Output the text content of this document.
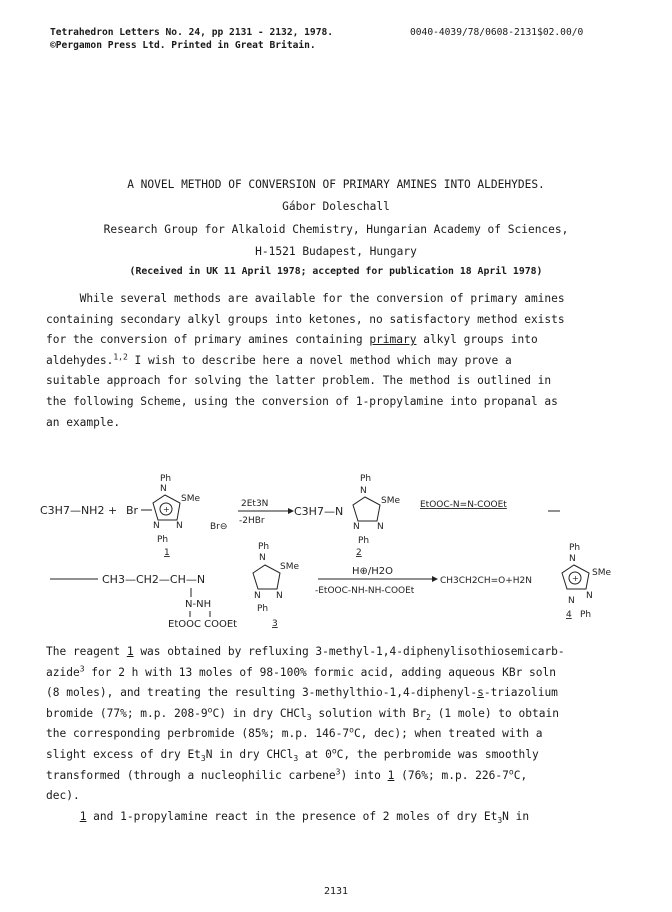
Tetrahedron Letters No. 24, pp 2131 - 2132, 1978.
©Pergamon Press Ltd. Printed in Great Britain.
0040-4039/78/0608-2131$02.00/0
A NOVEL METHOD OF CONVERSION OF PRIMARY AMINES INTO ALDEHYDES.
Gábor Doleschall
Research Group for Alkaloid Chemistry, Hungarian Academy of Sciences,
H-1521 Budapest, Hungary
(Received in UK 11 April 1978; accepted for publication 18 April 1978)
While several methods are available for the conversion of primary amines
containing secondary alkyl groups into ketones, no satisfactory method exists
for the conversion of primary amines containing primary alkyl groups into
aldehydes.$^{1,2}$ I wish to describe here a novel method which may prove a
suitable approach for solving the latter problem. The method is outlined in
the following Scheme, using the conversion of 1-propylamine into propanal as
an example.
C3H7—NH2 + Br	+
N
Ph
SMe
N
N
Ph
1
Br⊖
2Et3N
-2HBr
C3H7—N
N
Ph
SMe
N
N
Ph
2
EtOOC-N=N-COOEt
CH3—CH2—CH—N
N
Ph
SMe
N
N
Ph
N-NH
EtOOC COOEt	3
H⊕/H2O
-EtOOC-NH-NH-COOEt
CH3CH2CH=O+H2N	+
N
Ph
SMe
N
N
Ph
4
The reagent 1 was obtained by refluxing 3-methyl-1,4-diphenylisothiosemicarb-
azide$^3$ for 2 h with 13 moles of 98-100% formic acid, adding aqueous KBr soln
(8 moles), and treating the resulting 3-methylthio-1,4-diphenyl-s-triazolium
bromide (77%; m.p. 208-9$^o$C) in dry CHCl$_3$ solution with $Br_2$ (1 mole) to obtain
the corresponding perbromide (85%; m.p. 146-7$^o$C, dec); when treated with a
slight excess of dry $Et_3N$ in dry CHCl$_3$ at 0$^o$C, the perbromide was smoothly
transformed (through a nucleophilic carbene$^3$) into 1 (76%; m.p. 226-7$^o$C,
dec).
1 and 1-propylamine react in the presence of 2 moles of dry $Et_3N$ in
2131
